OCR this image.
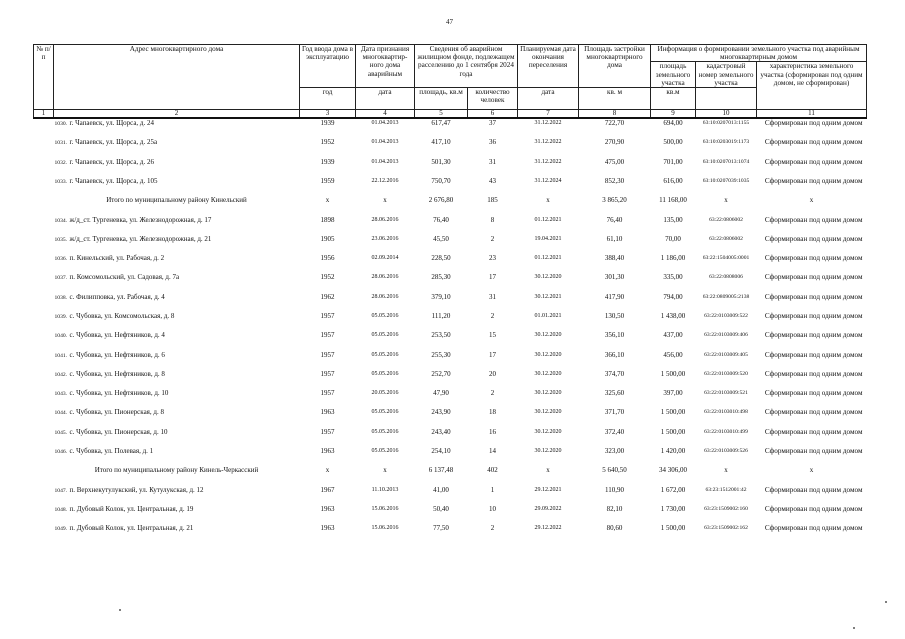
47
№ п/п	Адрес многоквартирного дома	Год ввода дома в эксплуатацию	Дата признания многоквартир-ного дома аварийным	Сведения об аварийном жилищном фонде, подлежащем расселению до 1 сентября 2024 года		Планируемая дата окончания переселения	Площадь застройки многоквартирного дома	Информация о формировании земельного участка под аварийным многоквартирным домом		
								площадь земельного участка	кадастровый номер земельного участка	характеристика земельного участка (сформирован под одним домом, не сформирован)
		год	дата	площадь, кв.м	количество человек	дата	кв. м	кв.м		
1	2	3	4	5	6	7	8	9	10	11
	1030. г. Чапаевск, ул. Щорса, д. 24	1939	01.04.2013	617,47	37	31.12.2022	722,70	694,00	63:10:0207013:1155	Сформирован под одним домом
	1031. г. Чапаевск, ул. Щорса, д. 25а	1952	01.04.2013	417,10	36	31.12.2022	270,90	500,00	63:10:0203019:1173	Сформирован под одним домом
	1032. г. Чапаевск, ул. Щорса, д. 26	1939	01.04.2013	501,30	31	31.12.2022	475,00	701,00	63:10:0207013:1074	Сформирован под одним домом
	1033. г. Чапаевск, ул. Щорса, д. 105	1959	22.12.2016	750,70	43	31.12.2024	852,30	616,00	63:10:0207039:1035	Сформирован под одним домом
	Итого по муниципальному району Кинельский	x	x	2 676,80	185	x	3 865,20	11 168,00	x	x
	1034. ж/д_ст. Тургеневка, ул. Железнодорожная, д. 17	1898	28.06.2016	76,40	8	01.12.2021	76,40	135,00	63:22:0806002	Сформирован под одним домом
	1035. ж/д_ст. Тургеневка, ул. Железнодорожная, д. 21	1905	23.06.2016	45,50	2	19.04.2021	61,10	70,00	63:22:0806002	Сформирован под одним домом
	1036. п. Кинельский, ул. Рабочая, д. 2	1956	02.09.2014	228,50	23	01.12.2021	388,40	1 186,00	63:22:1504005:0001	Сформирован под одним домом
	1037. п. Комсомольский, ул. Садовая, д. 7а	1952	28.06.2016	285,30	17	30.12.2020	301,30	335,00	63:22:0808006	Сформирован под одним домом
	1038. с. Филипповка, ул. Рабочая, д. 4	1962	28.06.2016	379,10	31	30.12.2021	417,90	794,00	63:22:0809005:2138	Сформирован под одним домом
	1039. с. Чубовка, ул. Комсомольская, д. 8	1957	05.05.2016	111,20	2	01.01.2021	130,50	1 438,00	63:22:0103009:522	Сформирован под одним домом
	1040. с. Чубовка, ул. Нефтяников, д. 4	1957	05.05.2016	253,50	15	30.12.2020	356,10	437,00	63:22:0103009:406	Сформирован под одним домом
	1041. с. Чубовка, ул. Нефтяников, д. 6	1957	05.05.2016	255,30	17	30.12.2020	366,10	456,00	63:22:0103009:405	Сформирован под одним домом
	1042. с. Чубовка, ул. Нефтяников, д. 8	1957	05.05.2016	252,70	20	30.12.2020	374,70	1 500,00	63:22:0103009:520	Сформирован под одним домом
	1043. с. Чубовка, ул. Нефтяников, д. 10	1957	20.05.2016	47,90	2	30.12.2020	325,60	397,00	63:22:0103009:521	Сформирован под одним домом
	1044. с. Чубовка, ул. Пионерская, д. 8	1963	05.05.2016	243,90	18	30.12.2020	371,70	1 500,00	63:22:0103010:498	Сформирован под одним домом
	1045. с. Чубовка, ул. Пионерская, д. 10	1957	05.05.2016	243,40	16	30.12.2020	372,40	1 500,00	63:22:0103010:499	Сформирован под одним домом
	1046. с. Чубовка, ул. Полевая, д. 1	1963	05.05.2016	254,10	14	30.12.2020	323,00	1 420,00	63:22:0103009:526	Сформирован под одним домом
	Итого по муниципальному району Кинель-Черкасский	x	x	6 137,48	402	x	5 640,50	34 306,00	x	x
	1047. п. Верхнекутулукский, ул. Кутулукская, д. 12	1967	11.10.2013	41,00	1	29.12.2021	110,90	1 672,00	63:23:1512001:42	Сформирован под одним домом
	1048. п. Дубовый Колок, ул. Центральная, д. 19	1963	15.06.2016	50,40	10	29.09.2022	82,10	1 730,00	63:23:1509002:160	Сформирован под одним домом
	1049. п. Дубовый Колок, ул. Центральная, д. 21	1963	15.06.2016	77,50	2	29.12.2022	80,60	1 500,00	63:23:1509002:162	Сформирован под одним домом
